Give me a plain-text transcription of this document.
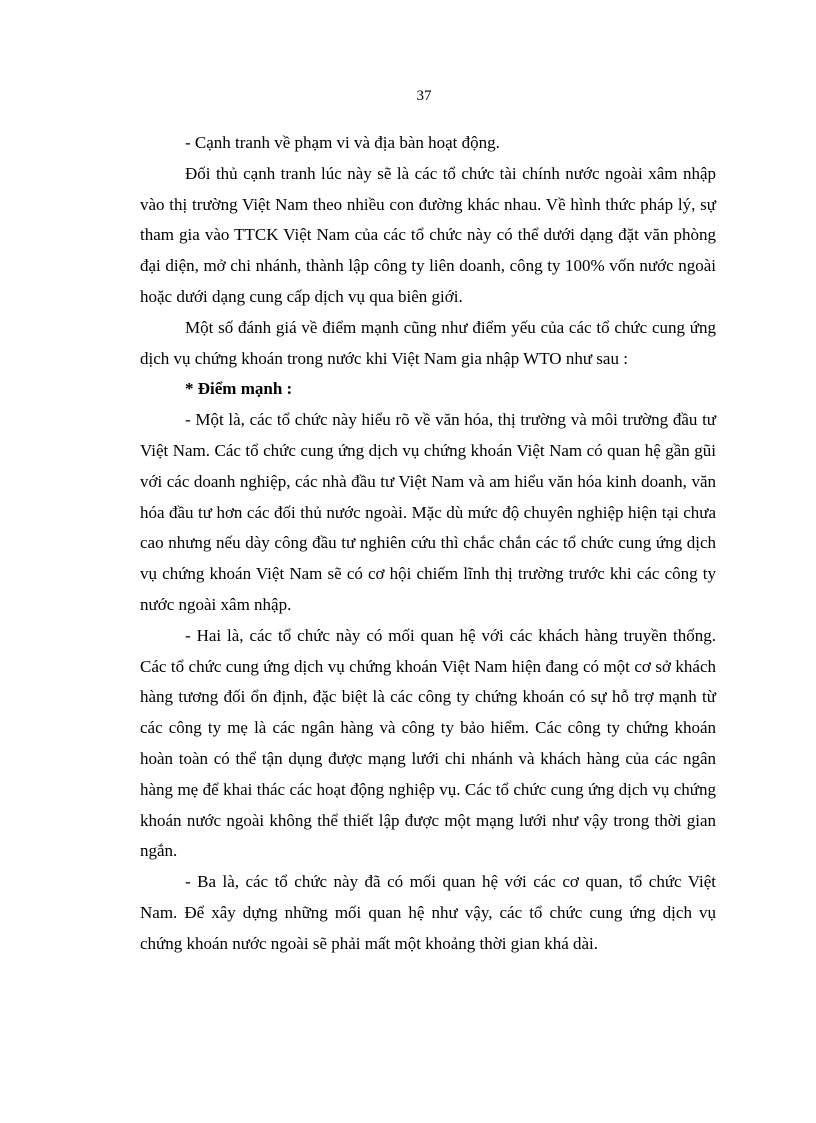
37

- Cạnh tranh về phạm vi và địa bàn hoạt động.

Đối thủ cạnh tranh lúc này sẽ là các tổ chức tài chính nước ngoài xâm nhập vào thị trường Việt Nam theo nhiều con đường khác nhau. Về hình thức pháp lý, sự tham gia vào TTCK Việt Nam của các tổ chức này có thể dưới dạng đặt văn phòng đại diện, mở chi nhánh, thành lập công ty liên doanh, công ty 100% vốn nước ngoài hoặc dưới dạng cung cấp dịch vụ qua biên giới.

Một số đánh giá về điểm mạnh cũng như điểm yếu của các tổ chức cung ứng dịch vụ chứng khoán trong nước khi Việt Nam gia nhập WTO như sau :

* Điểm mạnh :

- Một là, các tổ chức này hiểu rõ về văn hóa, thị trường và môi trường đầu tư Việt Nam. Các tổ chức cung ứng dịch vụ chứng khoán Việt Nam có quan hệ gần gũi với các doanh nghiệp, các nhà đầu tư Việt Nam và am hiểu văn hóa kinh doanh, văn hóa đầu tư hơn các đối thủ nước ngoài. Mặc dù mức độ chuyên nghiệp hiện tại chưa cao nhưng nếu dày công đầu tư nghiên cứu thì chắc chắn các tổ chức cung ứng dịch vụ chứng khoán Việt Nam sẽ có cơ hội chiếm lĩnh thị trường trước khi các công ty nước ngoài xâm nhập.

- Hai là, các tổ chức này có mối quan hệ với các khách hàng truyền thống. Các tổ chức cung ứng dịch vụ chứng khoán Việt Nam hiện đang có một cơ sở khách hàng tương đối ổn định, đặc biệt là các công ty chứng khoán có sự hỗ trợ mạnh từ các công ty mẹ là các ngân hàng và công ty bảo hiểm. Các công ty chứng khoán hoàn toàn có thể tận dụng được mạng lưới chi nhánh và khách hàng của các ngân hàng mẹ để khai thác các hoạt động nghiệp vụ. Các tổ chức cung ứng dịch vụ chứng khoán nước ngoài không thể thiết lập được một mạng lưới như vậy trong thời gian ngắn.

- Ba là, các tổ chức này đã có mối quan hệ với các cơ quan, tổ chức Việt Nam. Để xây dựng những mối quan hệ như vậy, các tổ chức cung ứng dịch vụ chứng khoán nước ngoài sẽ phải mất một khoảng thời gian khá dài.
